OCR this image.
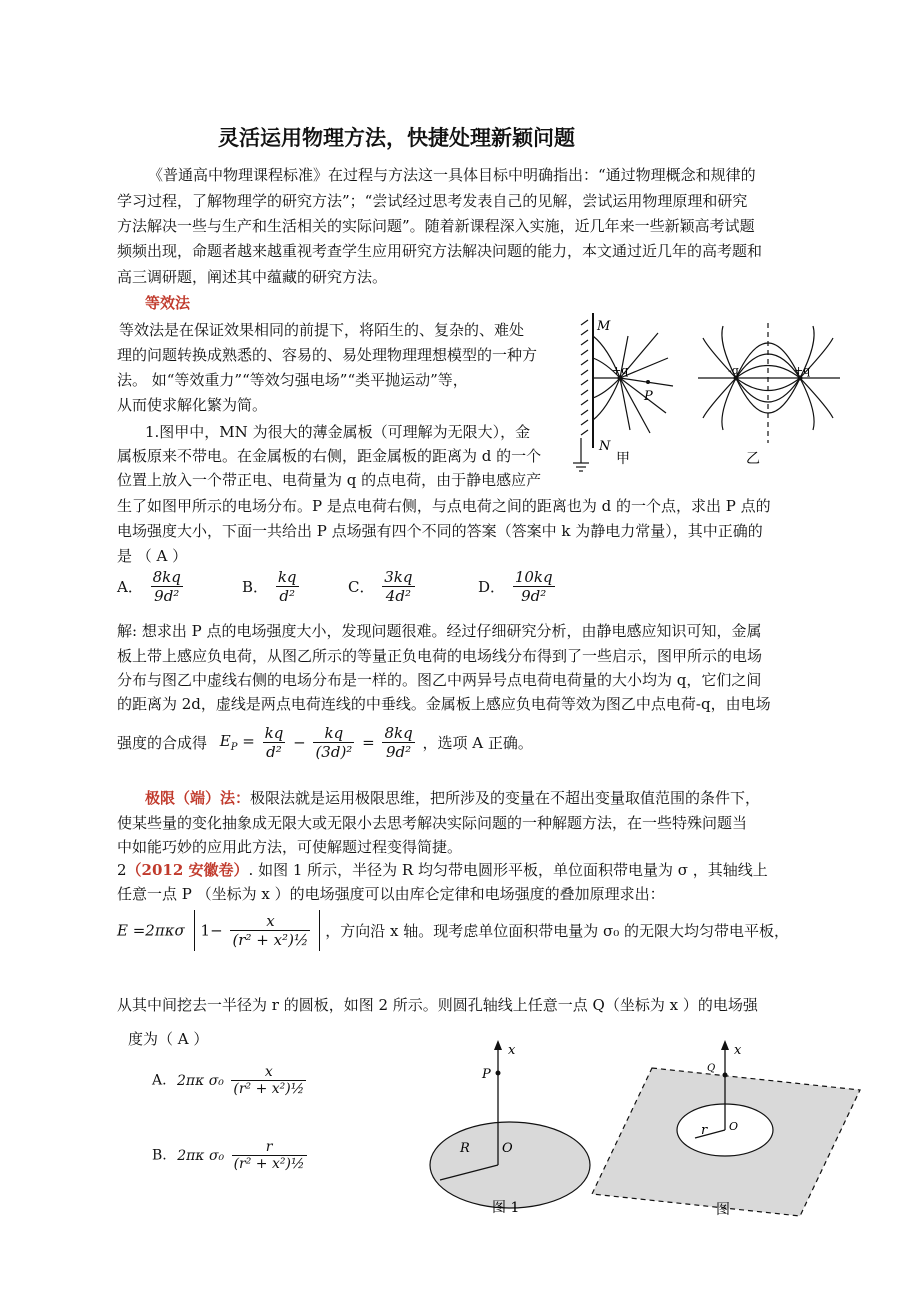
灵活运用物理方法，快捷处理新颖问题
《普通高中物理课程标准》在过程与方法这一具体目标中明确指出：“通过物理概念和规律的
学习过程，了解物理学的研究方法”；“尝试经过思考发表自己的见解，尝试运用物理原理和研究
方法解决一些与生产和生活相关的实际问题”。随着新课程深入实施，近几年来一些新颖高考试题
频频出现，命题者越来越重视考查学生应用研究方法解决问题的能力，本文通过近几年的高考题和
高三调研题，阐述其中蕴藏的研究方法。
等效法
等效法是在保证效果相同的前提下，将陌生的、复杂的、难处
理的问题转换成熟悉的、容易的、易处理物理理想模型的一种方
法。 如“等效重力”“等效匀强电场”“类平抛运动”等，
从而使求解化繁为简。
1.图甲中，MN 为很大的薄金属板（可理解为无限大），金
属板原来不带电。在金属板的右侧，距金属板的距离为 d 的一个
位置上放入一个带正电、电荷量为 q 的点电荷，由于静电感应产
生了如图甲所示的电场分布。P 是点电荷右侧，与点电荷之间的距离也为 d 的一个点，求出 P 点的
电场强度大小，下面一共给出 P 点场强有四个不同的答案（答案中 k 为静电力常量），其中正确的
是 （ A ）
A． $\frac{8kq}{\text{9d²}}$	B． $\frac{kq}{\text{d²}}$	C． $\frac{3kq}{\text{4d²}}$	D． $\frac{10kq}{\text{9d²}}$
解: 想求出 P 点的电场强度大小，发现问题很难。经过仔细研究分析，由静电感应知识可知，金属
板上带上感应负电荷，从图乙所示的等量正负电荷的电场线分布得到了一些启示，图甲所示的电场
分布与图乙中虚线右侧的电场分布是一样的。图乙中两异号点电荷电荷量的大小均为 q，它们之间
的距离为 2d，虚线是两点电荷连线的中垂线。金属板上感应负电荷等效为图乙中点电荷-q，由电场
强度的合成得 $E_P = \frac{kq}{\text{d²}} - \frac{kq}{\text{(3d)²}} = \frac{8kq}{\text{9d²}}$ ，选项 A 正确。
M
N
+q
P
甲
-q	+q
乙
极限（端）法：极限法就是运用极限思维，把所涉及的变量在不超出变量取值范围的条件下，
使某些量的变化抽象成无限大或无限小去思考解决实际问题的一种解题方法，在一些特殊问题当
中如能巧妙的应用此方法，可使解题过程变得简捷。
2（2012 安徽卷）. 如图 1 所示，半径为 R 均匀带电圆形平板，单位面积带电量为 σ ，其轴线上
任意一点 P （坐标为 x ）的电场强度可以由库仑定律和电场强度的叠加原理求出：
E =2πκσ $1- \frac{x}{\text{(r² + x²)½}}$ ，方向沿 x 轴。现考虑单位面积带电量为 σ₀ 的无限大均匀带电平板，
从其中间挖去一半径为 r 的圆板，如图 2 所示。则圆孔轴线上任意一点 Q（坐标为 x ）的电场强
度为（ A ）
A. 2πκ $\sigma_0 \frac{x}{\text{(r² + x²)½}}$
B. 2πκ $\sigma_0 \frac{r}{\text{(r² + x²)½}}$
x
P
R O
图 1
x
Q
r O
图
